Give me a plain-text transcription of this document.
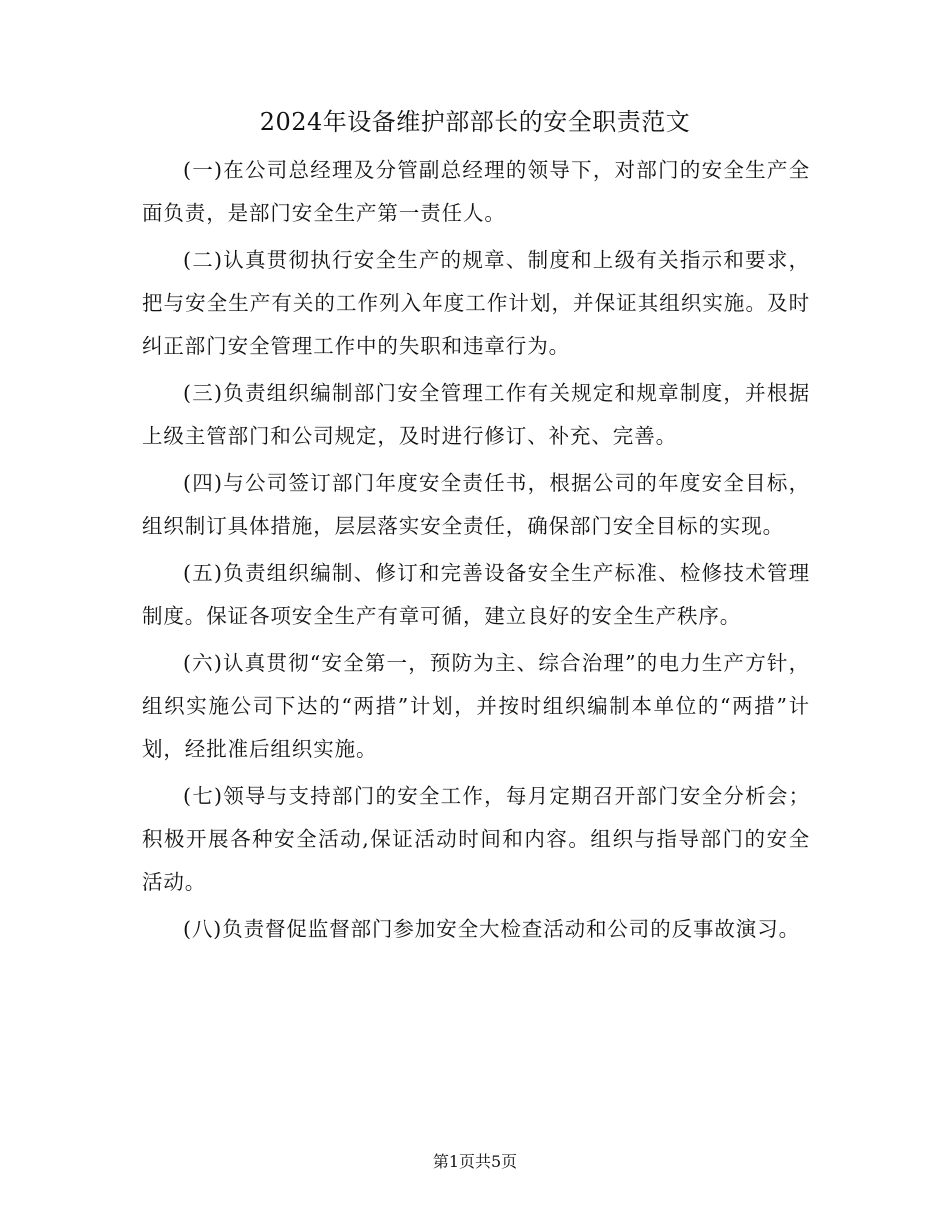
2024年设备维护部部长的安全职责范文

(一)在公司总经理及分管副总经理的领导下，对部门的安全生产全面负责，是部门安全生产第一责任人。

(二)认真贯彻执行安全生产的规章、制度和上级有关指示和要求，把与安全生产有关的工作列入年度工作计划，并保证其组织实施。及时纠正部门安全管理工作中的失职和违章行为。

(三)负责组织编制部门安全管理工作有关规定和规章制度，并根据上级主管部门和公司规定，及时进行修订、补充、完善。

(四)与公司签订部门年度安全责任书，根据公司的年度安全目标，组织制订具体措施，层层落实安全责任，确保部门安全目标的实现。

(五)负责组织编制、修订和完善设备安全生产标准、检修技术管理制度。保证各项安全生产有章可循，建立良好的安全生产秩序。

(六)认真贯彻“安全第一，预防为主、综合治理”的电力生产方针，组织实施公司下达的“两措”计划，并按时组织编制本单位的“两措”计划，经批准后组织实施。

(七)领导与支持部门的安全工作，每月定期召开部门安全分析会；积极开展各种安全活动,保证活动时间和内容。组织与指导部门的安全活动。

(八)负责督促监督部门参加安全大检查活动和公司的反事故演习。

第1页共5页
